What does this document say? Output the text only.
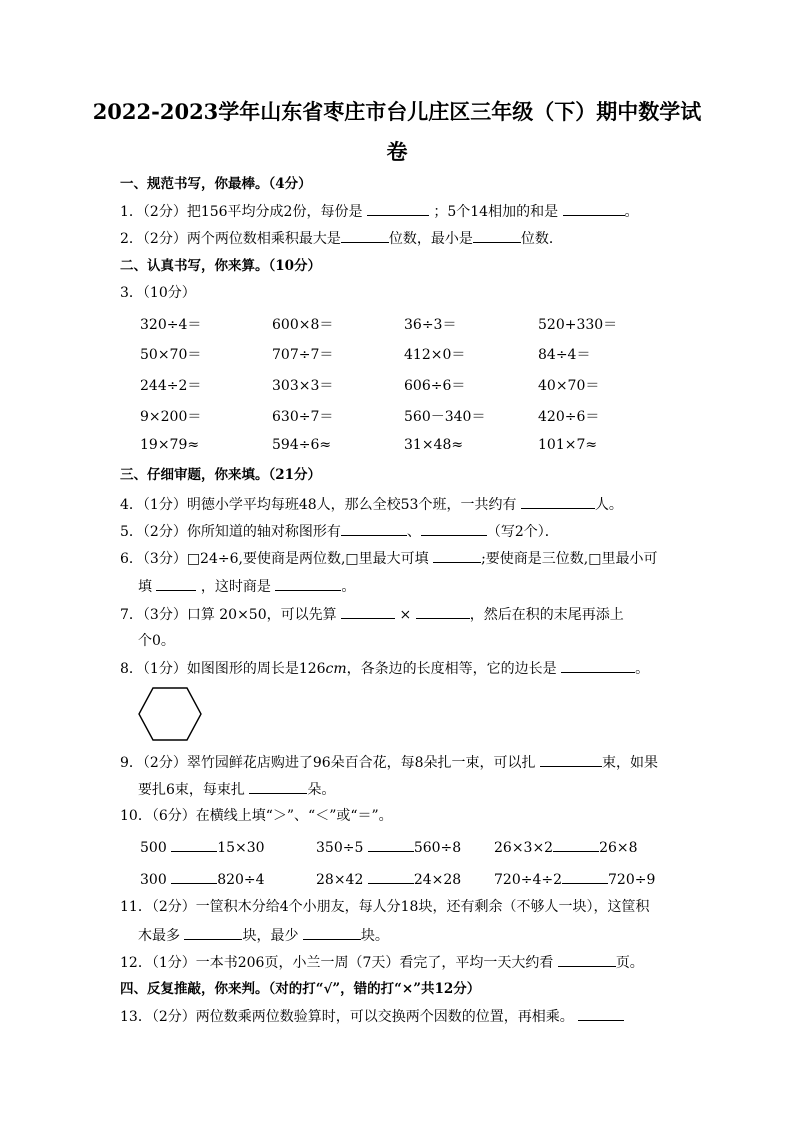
2022-2023学年山东省枣庄市台儿庄区三年级（下）期中数学试
卷
一、规范书写，你最棒。（4分）
1．（2分）把156平均分成2份，每份是	；5个14相加的和是	。
2．（2分）两个两位数相乘积最大是	位数，最小是	位数．
二、认真书写，你来算。（10分）
3．（10分）
320÷4＝	600×8＝	36÷3＝	520+330＝
50×70＝	707÷7＝	412×0＝	84÷4＝
244÷2＝	303×3＝	606÷6＝	40×70＝
9×200＝	630÷7＝	560－340＝	420÷6＝
19×79≈	594÷6≈	31×48≈	101×7≈
三、仔细审题，你来填。（21分）
4．（1分）明德小学平均每班48人，那么全校53个班，一共约有	人。
5．（2分）你所知道的轴对称图形有	、	（写2个）．
6．（3分）□24÷6,要使商是两位数,□里最大可填	;要使商是三位数,□里最小可
填	，这时商是	。
7．（3分）口算 20×50，可以先算	×	，然后在积的末尾再添上
个0。
8．（1分）如图图形的周长是126cm，各条边的长度相等，它的边长是	。
9．（2分）翠竹园鲜花店购进了96朵百合花，每8朵扎一束，可以扎	束，如果
要扎6束，每束扎	朵。
10．（6分）在横线上填“＞”、“＜”或“＝”。
500	15×30	350÷5	560÷8 26×3×2	26×8
300	820÷4	28×42	24×28 720÷4÷2	720÷9
11．（2分）一筐积木分给4个小朋友，每人分18块，还有剩余（不够人一块），这筐积
木最多	块，最少	块。
12．（1分）一本书206页，小兰一周（7天）看完了，平均一天大约看	页。
四、反复推敲，你来判。（对的打“√”，错的打“×”共12分）
13．（2分）两位数乘两位数验算时，可以交换两个因数的位置，再相乘。
